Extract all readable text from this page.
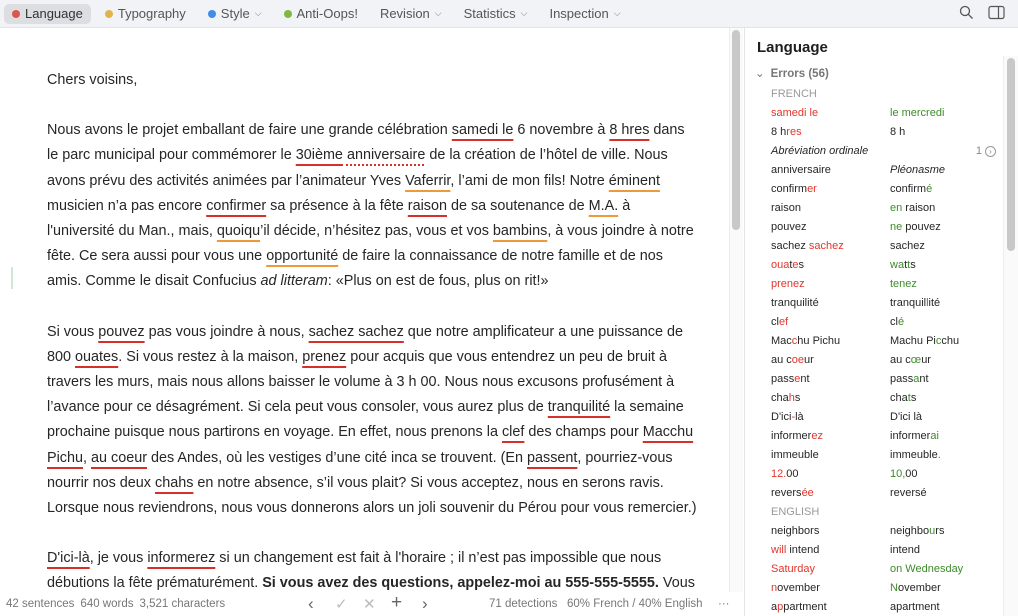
Language	Typography	Style ⌵	Anti-Oops! Revision ⌵ Statistics ⌵ Inspection ⌵

Chers voisins,

Nous avons le projet emballant de faire une grande célébration samedi le 6 novembre à 8 hres dans le parc municipal pour commémorer le 30ième anniversaire de la création de l’hôtel de ville. Nous avons prévu des activités animées par l’animateur Yves Vaferrir, l’ami de mon fils! Notre éminent musicien n’a pas encore confirmer sa présence à la fête raison de sa soutenance de M.A. à l'université du Man., mais, quoiqu’il décide, n’hésitez pas, vous et vos bambins, à vous joindre à notre fête. Ce sera aussi pour vous une opportunité de faire la connaissance de notre famille et de nos amis. Comme le disait Confucius ad litteram: «Plus on est de fous, plus on rit!»

Si vous pouvez pas vous joindre à nous, sachez sachez que notre amplificateur a une puissance de 800 ouates. Si vous restez à la maison, prenez pour acquis que vous entendrez un peu de bruit à travers les murs, mais nous allons baisser le volume à 3 h 00. Nous nous excusons profusément à l’avance pour ce désagrément. Si cela peut vous consoler, vous aurez plus de tranquilité la semaine prochaine puisque nous partirons en voyage. En effet, nous prenons la clef des champs pour Macchu Pichu, au coeur des Andes, où les vestiges d’une cité inca se trouvent. (En passent, pourriez-vous nourrir nos deux chahs en notre absence, s’il vous plait? Si vous acceptez, nous en serons ravis. Lorsque nous reviendrons, nous vous donnerons alors un joli souvenir du Pérou pour vous remercier.)

D'ici-là, je vous informerez si un changement est fait à l'horaire ; il n’est pas impossible que nous débutions la fête prématurément. Si vous avez des questions, appelez-moi au 555-555-5555. Vous

Language
⌄ Errors (56)
FRENCH
samedi le	le mercredi
8 hres	8 h
Abréviation ordinale	1 ›
anniversaire	Pléonasme
confirmer	confirmé
raison	en raison
pouvez	ne pouvez
sachez sachez	sachez
ouates	watts
prenez	tenez
tranquilité	tranquillité
clef	clé
Macchu Pichu	Machu Picchu
au coeur	au cœur
passent	passant
chahs	chats
D'ici-là	D'ici là
informerez	informerai
immeuble	immeuble.
12.00	10,00
reversée	reversé
ENGLISH
neighbors	neighbours
will intend	intend
Saturday	on Wednesday
november	November
appartment	apartment
42 sentences 640 words 3,521 characters	‹ ✓ ✕ + ›	71 detections 60% French / 40% English ···
